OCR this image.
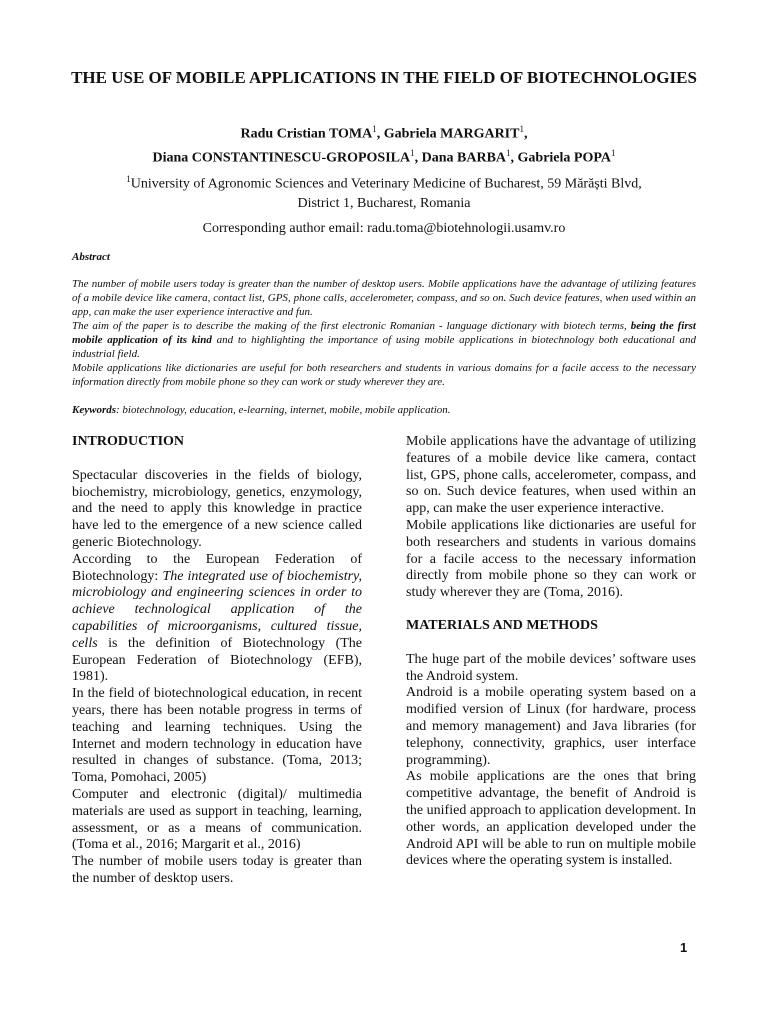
THE USE OF MOBILE APPLICATIONS IN THE FIELD OF BIOTECHNOLOGIES
Radu Cristian TOMA$^1$, Gabriela MARGARIT$^1$,
Diana CONSTANTINESCU-GROPOSILA$^1$, Dana BARBA$^1$, Gabriela POPA$^1$
$^1$University of Agronomic Sciences and Veterinary Medicine of Bucharest, 59 Mărăști Blvd,
District 1, Bucharest, Romania
Corresponding author email: radu.toma@biotehnologii.usamv.ro
Abstract

The number of mobile users today is greater than the number of desktop users. Mobile applications have the advantage of utilizing features of a mobile device like camera, contact list, GPS, phone calls, accelerometer, compass, and so on. Such device features, when used within an app, can make the user experience interactive and fun.

The aim of the paper is to describe the making of the first electronic Romanian - language dictionary with biotech terms, being the first mobile application of its kind and to highlighting the importance of using mobile applications in biotechnology both educational and industrial field.

Mobile applications like dictionaries are useful for both researchers and students in various domains for a facile access to the necessary information directly from mobile phone so they can work or study wherever they are.

Keywords: biotechnology, education, e-learning, internet, mobile, mobile application.
INTRODUCTION

Spectacular discoveries in the fields of biology, biochemistry, microbiology, genetics, enzymology, and the need to apply this knowledge in practice have led to the emergence of a new science called generic Biotechnology.

According to the European Federation of Biotechnology: The integrated use of biochemistry, microbiology and engineering sciences in order to achieve technological application of the capabilities of microorganisms, cultured tissue, cells is the definition of Biotechnology (The European Federation of Biotechnology (EFB), 1981).

In the field of biotechnological education, in recent years, there has been notable progress in terms of teaching and learning techniques. Using the Internet and modern technology in education have resulted in changes of substance. (Toma, 2013; Toma, Pomohaci, 2005)

Computer and electronic (digital)/ multimedia materials are used as support in teaching, learning, assessment, or as a means of communication. (Toma et al., 2016; Margarit et al., 2016)

The number of mobile users today is greater than the number of desktop users.

Mobile applications have the advantage of utilizing features of a mobile device like camera, contact list, GPS, phone calls, accelerometer, compass, and so on. Such device features, when used within an app, can make the user experience interactive.

Mobile applications like dictionaries are useful for both researchers and students in various domains for a facile access to the necessary information directly from mobile phone so they can work or study wherever they are (Toma, 2016).

MATERIALS AND METHODS

The huge part of the mobile devices’ software uses the Android system.

Android is a mobile operating system based on a modified version of Linux (for hardware, process and memory management) and Java libraries (for telephony, connectivity, graphics, user interface programming).

As mobile applications are the ones that bring competitive advantage, the benefit of Android is the unified approach to application development. In other words, an application developed under the Android API will be able to run on multiple mobile devices where the operating system is installed.

1
